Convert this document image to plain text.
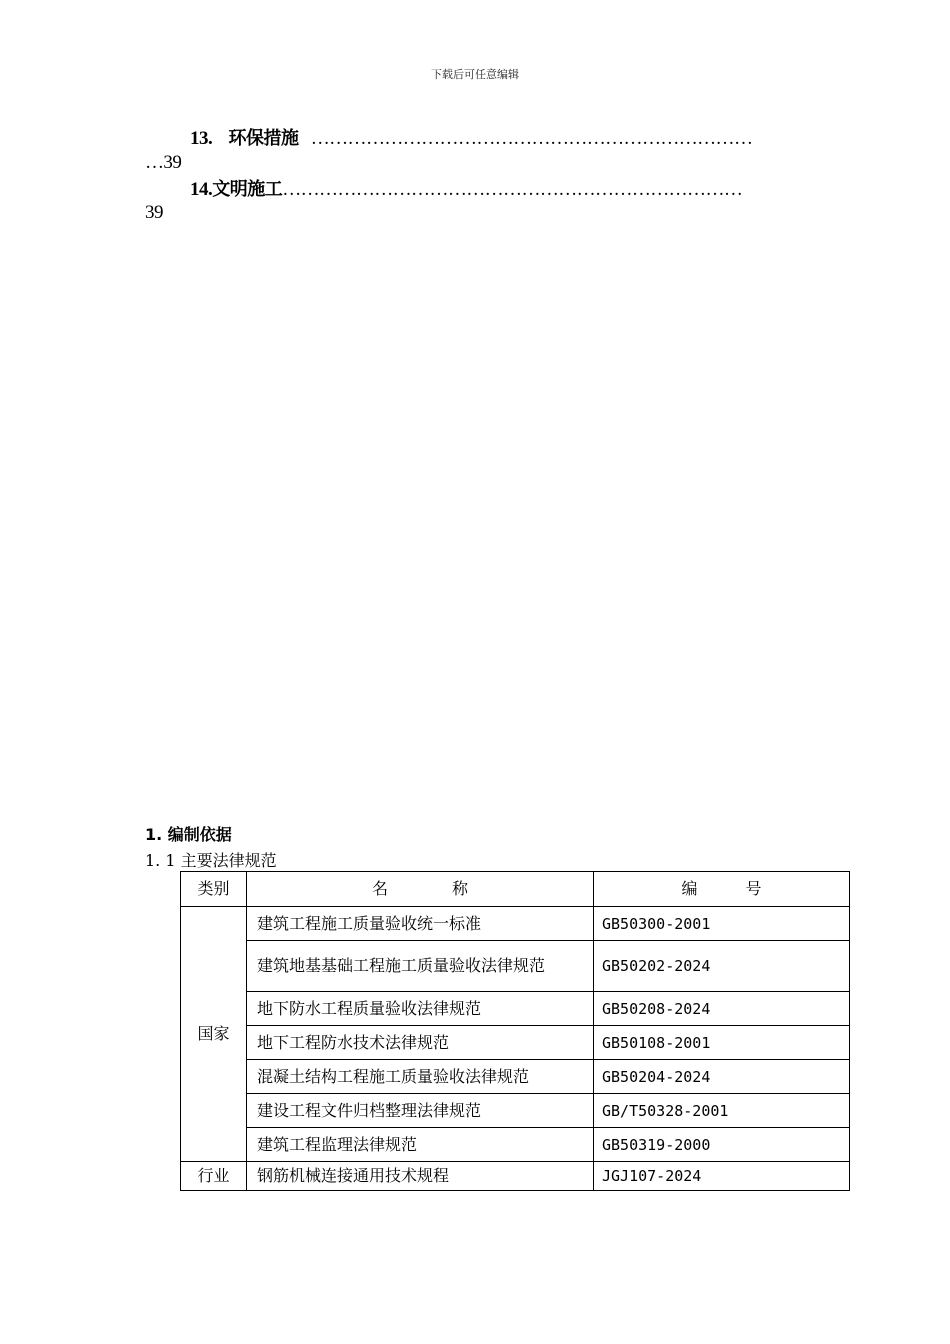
下载后可任意编辑
13. 环保措施 ………………………………………………………………
…39
14.文明施工…………………………………………………………………
39
1. 编制依据
1. 1 主要法律规范
类别	名　　　　称	编　　　号
国家	建筑工程施工质量验收统一标准	GB50300-2001
	建筑地基基础工程施工质量验收法律规范	GB50202-2024
	地下防水工程质量验收法律规范	GB50208-2024
	地下工程防水技术法律规范	GB50108-2001
	混凝土结构工程施工质量验收法律规范	GB50204-2024
	建设工程文件归档整理法律规范	GB/T50328-2001
	建筑工程监理法律规范	GB50319-2000
行业	钢筋机械连接通用技术规程	JGJ107-2024
